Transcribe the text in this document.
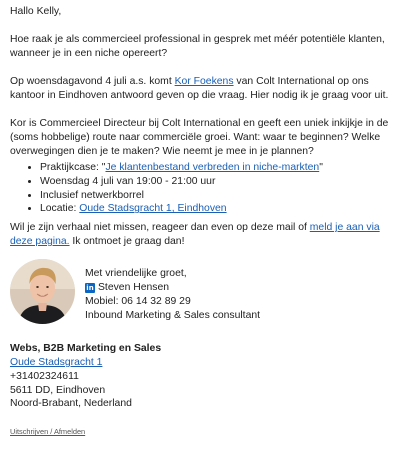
Hallo Kelly,

Hoe raak je als commercieel professional in gesprek met méér potentiële klanten, wanneer je in een niche opereert?

Op woensdagavond 4 juli a.s. komt Kor Foekens van Colt International op ons kantoor in Eindhoven antwoord geven op die vraag. Hier nodig ik je graag voor uit.

Kor is Commercieel Directeur bij Colt International en geeft een uniek inkijkje in de (soms hobbelige) route naar commerciële groei. Want: waar te beginnen? Welke overwegingen dien je te maken? Wie neemt je mee in je plannen?

• Praktijkcase: "Je klantenbestand verbreden in niche-markten"
• Woensdag 4 juli van 19:00 - 21:00 uur
• Inclusief netwerkborrel
• Locatie: Oude Stadsgracht 1, Eindhoven

Wil je zijn verhaal niet missen, reageer dan even op deze mail of meld je aan via deze pagina. Ik ontmoet je graag dan!

Met vriendelijke groet,
in Steven Hensen
Mobiel: 06 14 32 89 29
Inbound Marketing & Sales consultant
Webs, B2B Marketing en Sales
Oude Stadsgracht 1
+31402324611
5611 DD, Eindhoven
Noord-Brabant, Nederland
Uitschrijven / Afmelden
